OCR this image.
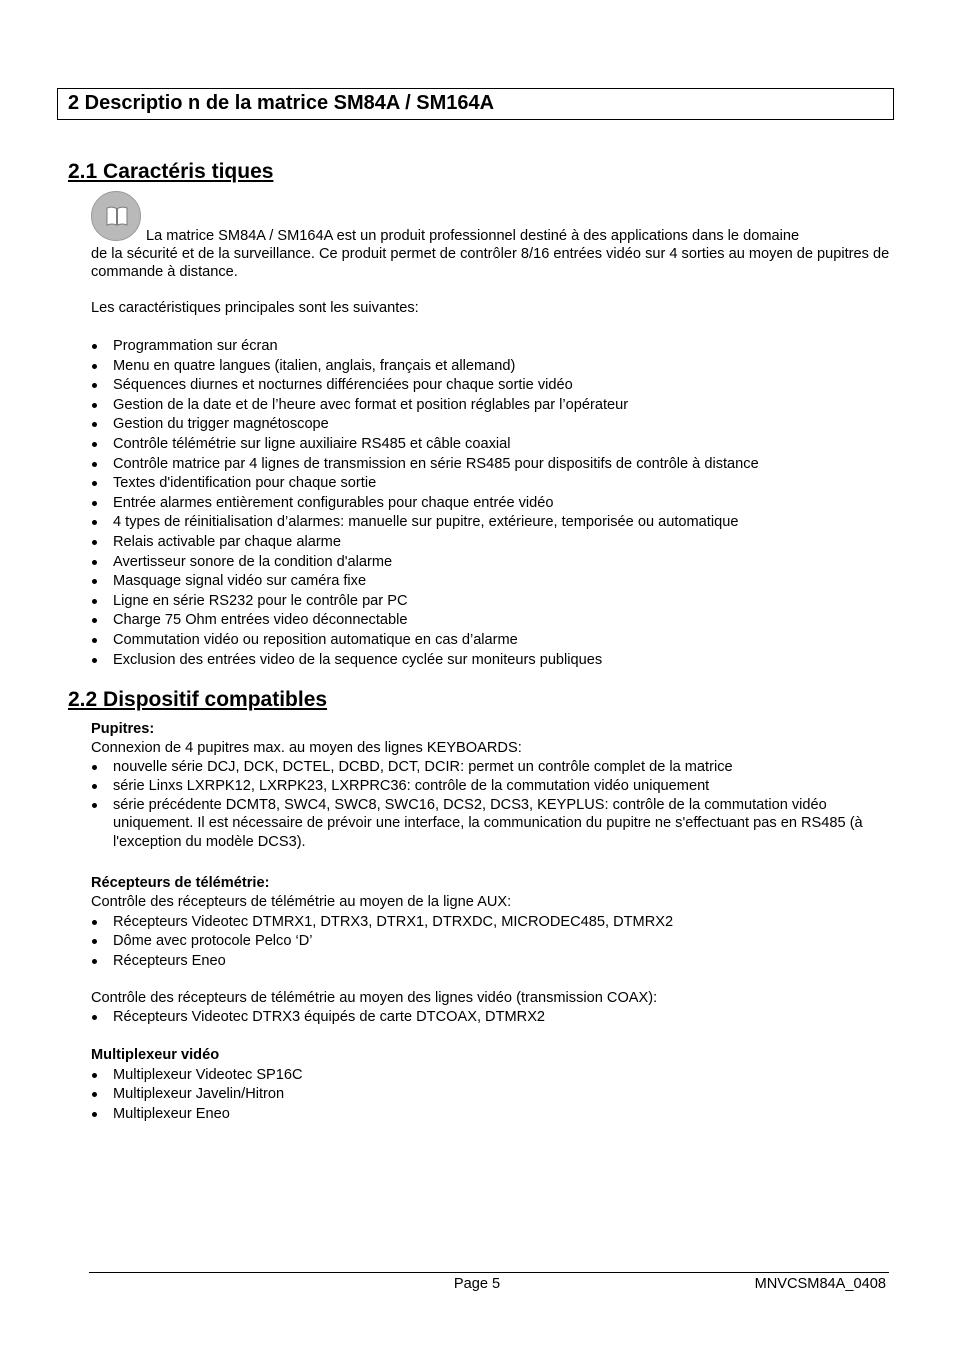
2 Descriptio n de la matrice SM84A / SM164A
2.1 Caractéris tiques
La matrice SM84A / SM164A est un produit professionnel destiné à des applications dans le domaine
de la sécurité et de la surveillance. Ce produit permet de contrôler 8/16 entrées vidéo sur 4 sorties au moyen de pupitres de commande à distance.
Les caractéristiques principales sont les suivantes:
Programmation sur écran
Menu en quatre langues (italien, anglais, français et allemand)
Séquences diurnes et nocturnes différenciées pour chaque sortie vidéo
Gestion de la date et de l’heure avec format et position réglables par l’opérateur
Gestion du trigger magnétoscope
Contrôle télémétrie sur ligne auxiliaire RS485 et câble coaxial
Contrôle matrice par 4 lignes de transmission en série RS485 pour dispositifs de contrôle à distance
Textes d'identification pour chaque sortie
Entrée alarmes entièrement configurables pour chaque entrée vidéo
4 types de réinitialisation d’alarmes: manuelle sur pupitre, extérieure, temporisée ou automatique
Relais activable par chaque alarme
Avertisseur sonore de la condition d'alarme
Masquage signal vidéo sur caméra fixe
Ligne en série RS232 pour le contrôle par PC
Charge 75 Ohm entrées video déconnectable
Commutation vidéo ou reposition automatique en cas d’alarme
Exclusion des entrées video de la sequence cyclée sur moniteurs publiques
2.2 Dispositif compatibles
Pupitres:
Connexion de 4 pupitres max. au moyen des lignes KEYBOARDS:
nouvelle série DCJ, DCK, DCTEL, DCBD, DCT, DCIR: permet un contrôle complet de la matrice
série Linxs LXRPK12, LXRPK23, LXRPRC36: contrôle de la commutation vidéo uniquement
série précédente DCMT8, SWC4, SWC8, SWC16, DCS2, DCS3, KEYPLUS: contrôle de la commutation vidéo uniquement. Il est nécessaire de prévoir une interface, la communication du pupitre ne s'effectuant pas en RS485 (à l'exception du modèle DCS3).
Récepteurs de télémétrie:
Contrôle des récepteurs de télémétrie au moyen de la ligne AUX:
Récepteurs Videotec DTMRX1, DTRX3, DTRX1, DTRXDC, MICRODEC485, DTMRX2
Dôme avec protocole Pelco ‘D’
Récepteurs Eneo
Contrôle des récepteurs de télémétrie au moyen des lignes vidéo (transmission COAX):
Récepteurs Videotec DTRX3 équipés de carte DTCOAX, DTMRX2
Multiplexeur vidéo
Multiplexeur Videotec SP16C
Multiplexeur Javelin/Hitron
Multiplexeur Eneo
Page 5	MNVCSM84A_0408
